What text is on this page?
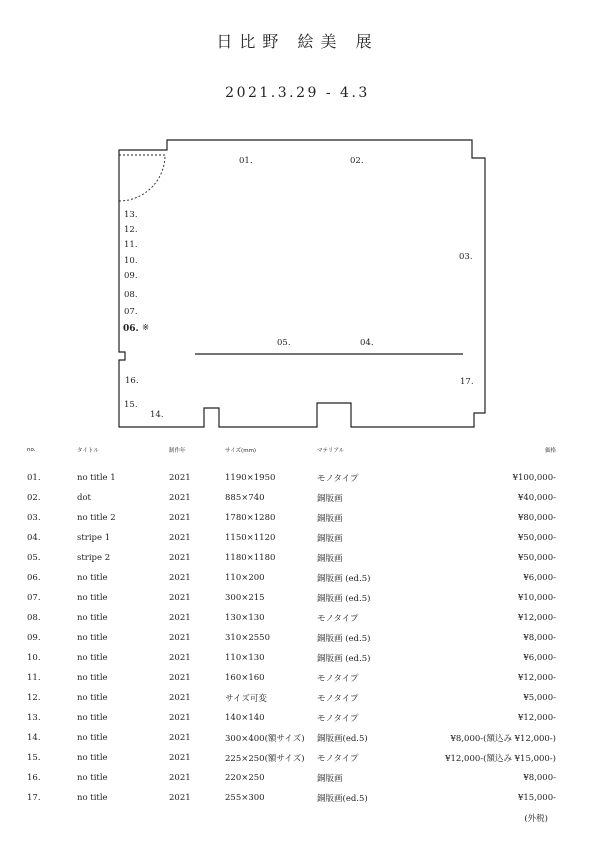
日比野 絵美 展
2021.3.29 - 4.3
01.	02.
03.
05.	04.
13.
12.
11.
10.
09.
08.
07.
06. ※
16.	17.
15.
14.
no.	タイトル	制作年	サイズ(mm)	マテリアル	価格
01.	no title 1	2021	1190×1950	モノタイプ	¥100,000-
02.	dot	2021	885×740	銅版画	¥40,000-
03.	no title 2	2021	1780×1280	銅版画	¥80,000-
04.	stripe 1	2021	1150×1120	銅版画	¥50,000-
05.	stripe 2	2021	1180×1180	銅版画	¥50,000-
06.	no title	2021	110×200	銅版画 (ed.5)	¥6,000-
07.	no title	2021	300×215	銅版画 (ed.5)	¥10,000-
08.	no title	2021	130×130	モノタイプ	¥12,000-
09.	no title	2021	310×2550	銅版画 (ed.5)	¥8,000-
10.	no title	2021	110×130	銅版画 (ed.5)	¥6,000-
11.	no title	2021	160×160	モノタイプ	¥12,000-
12.	no title	2021	サイズ可変	モノタイプ	¥5,000-
13.	no title	2021	140×140	モノタイプ	¥12,000-
14.	no title	2021	300×400(額サイズ)	銅版画(ed.5)	¥8,000-(額込み ¥12,000-)
15.	no title	2021	225×250(額サイズ)	モノタイプ	¥12,000-(額込み ¥15,000-)
16.	no title	2021	220×250	銅版画	¥8,000-
17.	no title	2021	255×300	銅版画(ed.5)	¥15,000-
(外税)
